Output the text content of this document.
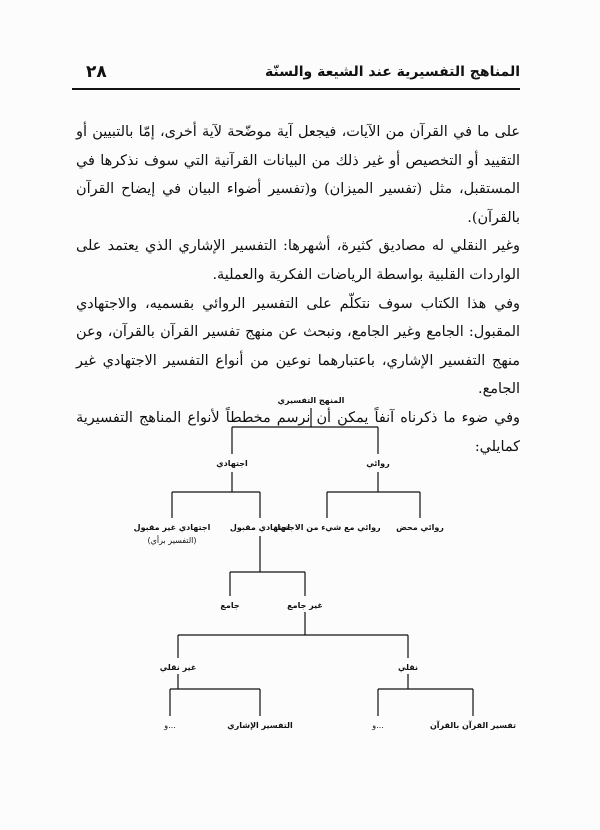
٢٨	المناهج التفسيرية عند الشيعة والسنّة

على ما في القرآن من الآيات، فيجعل آية موضّحة لآية أخرى، إمّا بالتبيين أو التقييد أو التخصيص أو غير ذلك من البيانات القرآنية التي سوف نذكرها في المستقبل، مثل (تفسير الميزان) و(تفسير أضواء البيان في إيضاح القرآن بالقرآن).

وغير النقلي له مصاديق كثيرة، أشهرها: التفسير الإشاري الذي يعتمد على الواردات القلبية بواسطة الرياضات الفكرية والعملية.

وفي هذا الكتاب سوف نتكلّم على التفسير الروائي بقسميه، والاجتهادي المقبول: الجامع وغير الجامع، ونبحث عن منهج تفسير القرآن بالقرآن، وعن منهج التفسير الإشاري، باعتبارهما نوعين من أنواع التفسير الاجتهادي غير الجامع.

وفي ضوء ما ذكرناه آنفاً يمكن أن نرسم مخططاً لأنواع المناهج التفسيرية كمايلي:

المنهج التفسيري
اجتهادي	روائي
اجتهادي غير مقبول
(التفسير برأي)
اجتهادي مقبول
روائي مع شيء من الاجتهاد روائي محض
جامع	غير جامع
غير نقلي	نقلي
و...	التفسير الإشاري	و...	تفسير القرآن بالقرآن
